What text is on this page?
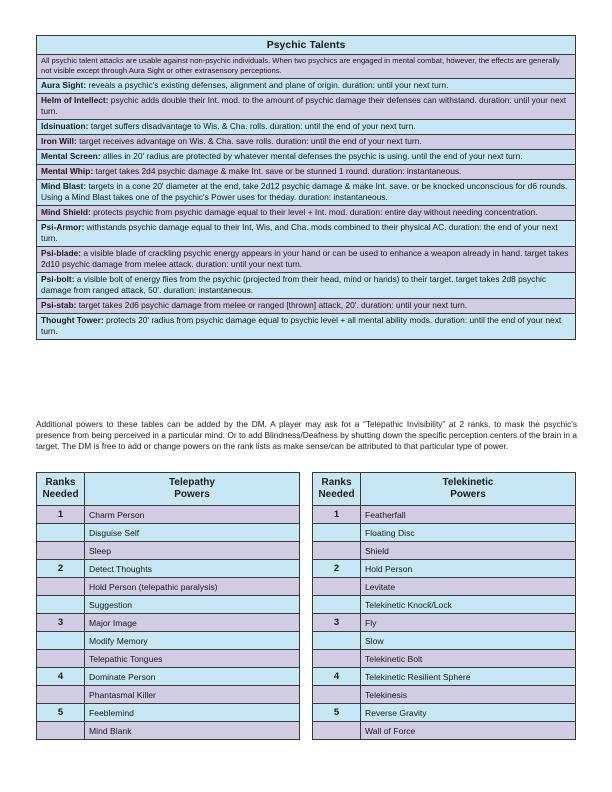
Psychic Talents
All psychic talent attacks are usable against non-psychic individuals. When two psychics are engaged in mental combat, however, the effects are generally not visible except through Aura Sight or other extrasensory perceptions.
Aura Sight: reveals a psychic's existing defenses, alignment and plane of origin. duration: until your next turn.
Helm of Intellect: psychic adds double their Int. mod. to the amount of psychic damage their defenses can withstand. duration: until your next turn.
Idsinuation: target suffers disadvantage to Wis. & Cha. rolls. duration: until the end of your next turn.
Iron Will: target receives advantage on Wis. & Cha. save rolls. duration: until the end of your next turn.
Mental Screen: allies in 20' radius are protected by whatever mental defenses the psychic is using. until the end of your next turn.
Mental Whip: target takes 2d4 psychic damage & make Int. save or be stunned 1 round. duration: instantaneous.
Mind Blast: targets in a cone 20' diameter at the end, take 2d12 psychic damage & make Int. save. or be knocked unconscious for d6 rounds. Using a Mind Blast takes one of the psychic's Power uses for theday. duration: instantaneous.
Mind Shield: protects psychic from psychic damage equal to their level + Int. mod. duration: entire day without needing concentration.
Psi-Armor: withstands psychic damage equal to their Int, Wis, and Cha. mods combined to their physical AC. duration: the end of your next turn.
Psi-blade: a visible blade of crackling psychic energy appears in your hand or can be used to enhance a weapon already in hand. target takes 2d10 psychic damage from melee attack. duration: until your next turn.
Psi-bolt: a visible bolt of energy flies from the psychic (projected from their head, mind or hands) to their target. target takes 2d8 psychic damage from ranged attack, 50'. duration: instantaneous.
Psi-stab: target takes 2d6 psychic damage from melee or ranged [thrown] attack, 20'. duration: until your next turn.
Thought Tower: protects 20' radius from psychic damage equal to psychic level + all mental ability mods. duration: until the end of your next turn.

Additional powers to these tables can be added by the DM. A player may ask for a “Telepathic Invisibility” at 2 ranks, to mask the psychic's presence from being perceived in a particular mind. Or to add Blindness/Deafness by shutting down the specific perception centers of the brain in a target. The DM is free to add or change powers on the rank lists as make sense/can be attributed to that particular type of power.

Ranks
Needed	Telepathy
Powers

1	Charm Person
	Disguise Self
	Sleep
2	Detect Thoughts
	Hold Person (telepathic paralysis)
	Suggestion
3	Major Image
	Modify Memory
	Telepathic Tongues
4	Dominate Person
	Phantasmal Killer
5	Feeblemind
	Mind Blank
Ranks
Needed	Telekinetic
Powers

1	Featherfall
	Floating Disc
	Shield
2	Hold Person
	Levitate
	Telekinetic Knock/Lock
3	Fly
	Slow
	Telekinetic Bolt
4	Telekinetic Resilient Sphere
	Telekinesis
5	Reverse Gravity
	Wall of Force
